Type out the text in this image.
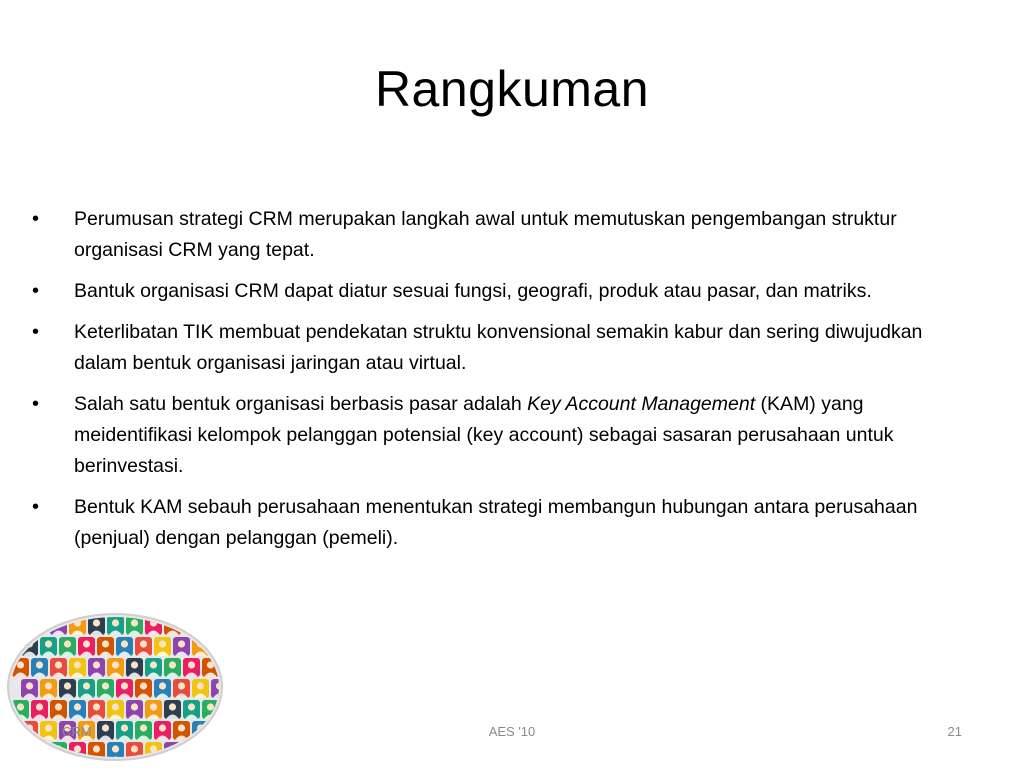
Rangkuman
• Perumusan strategi CRM merupakan langkah awal untuk memutuskan pengembangan struktur organisasi CRM yang tepat.
• Bantuk organisasi CRM dapat diatur sesuai fungsi, geografi, produk atau pasar, dan matriks.
• Keterlibatan TIK membuat pendekatan struktu konvensional semakin kabur dan sering diwujudkan dalam bentuk organisasi jaringan atau virtual.
• Salah satu bentuk organisasi berbasis pasar adalah Key Account Management (KAM) yang meidentifikasi kelompok pelanggan potensial (key account) sebagai sasaran perusahaan untuk berinvestasi.
• Bentuk KAM sebauh perusahaan menentukan strategi membangun hubungan antara perusahaan (penjual) dengan pelanggan (pemeli).
CRM	AES '10	21
